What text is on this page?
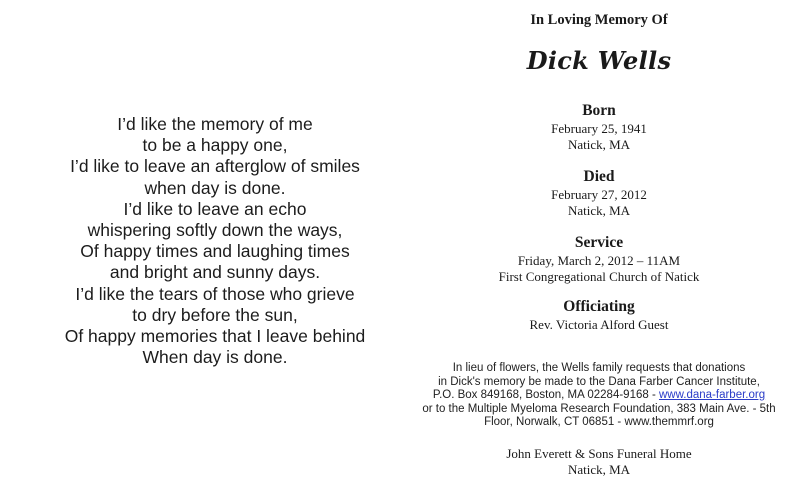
I’d like the memory of me
to be a happy one,
I’d like to leave an afterglow of smiles
when day is done.
I’d like to leave an echo
whispering softly down the ways,
Of happy times and laughing times
and bright and sunny days.
I’d like the tears of those who grieve
to dry before the sun,
Of happy memories that I leave behind
When day is done.
In Loving Memory Of
Dick Wells
Born
February 25, 1941
Natick, MA
Died
February 27, 2012
Natick, MA
Service
Friday, March 2, 2012 – 11AM
First Congregational Church of Natick
Officiating
Rev. Victoria Alford Guest
In lieu of flowers, the Wells family requests that donations
in Dick's memory be made to the Dana Farber Cancer Institute,
P.O. Box 849168, Boston, MA 02284-9168 - www.dana-farber.org
or to the Multiple Myeloma Research Foundation, 383 Main Ave. - 5th
Floor, Norwalk, CT 06851 - www.themmrf.org
John Everett & Sons Funeral Home
Natick, MA
